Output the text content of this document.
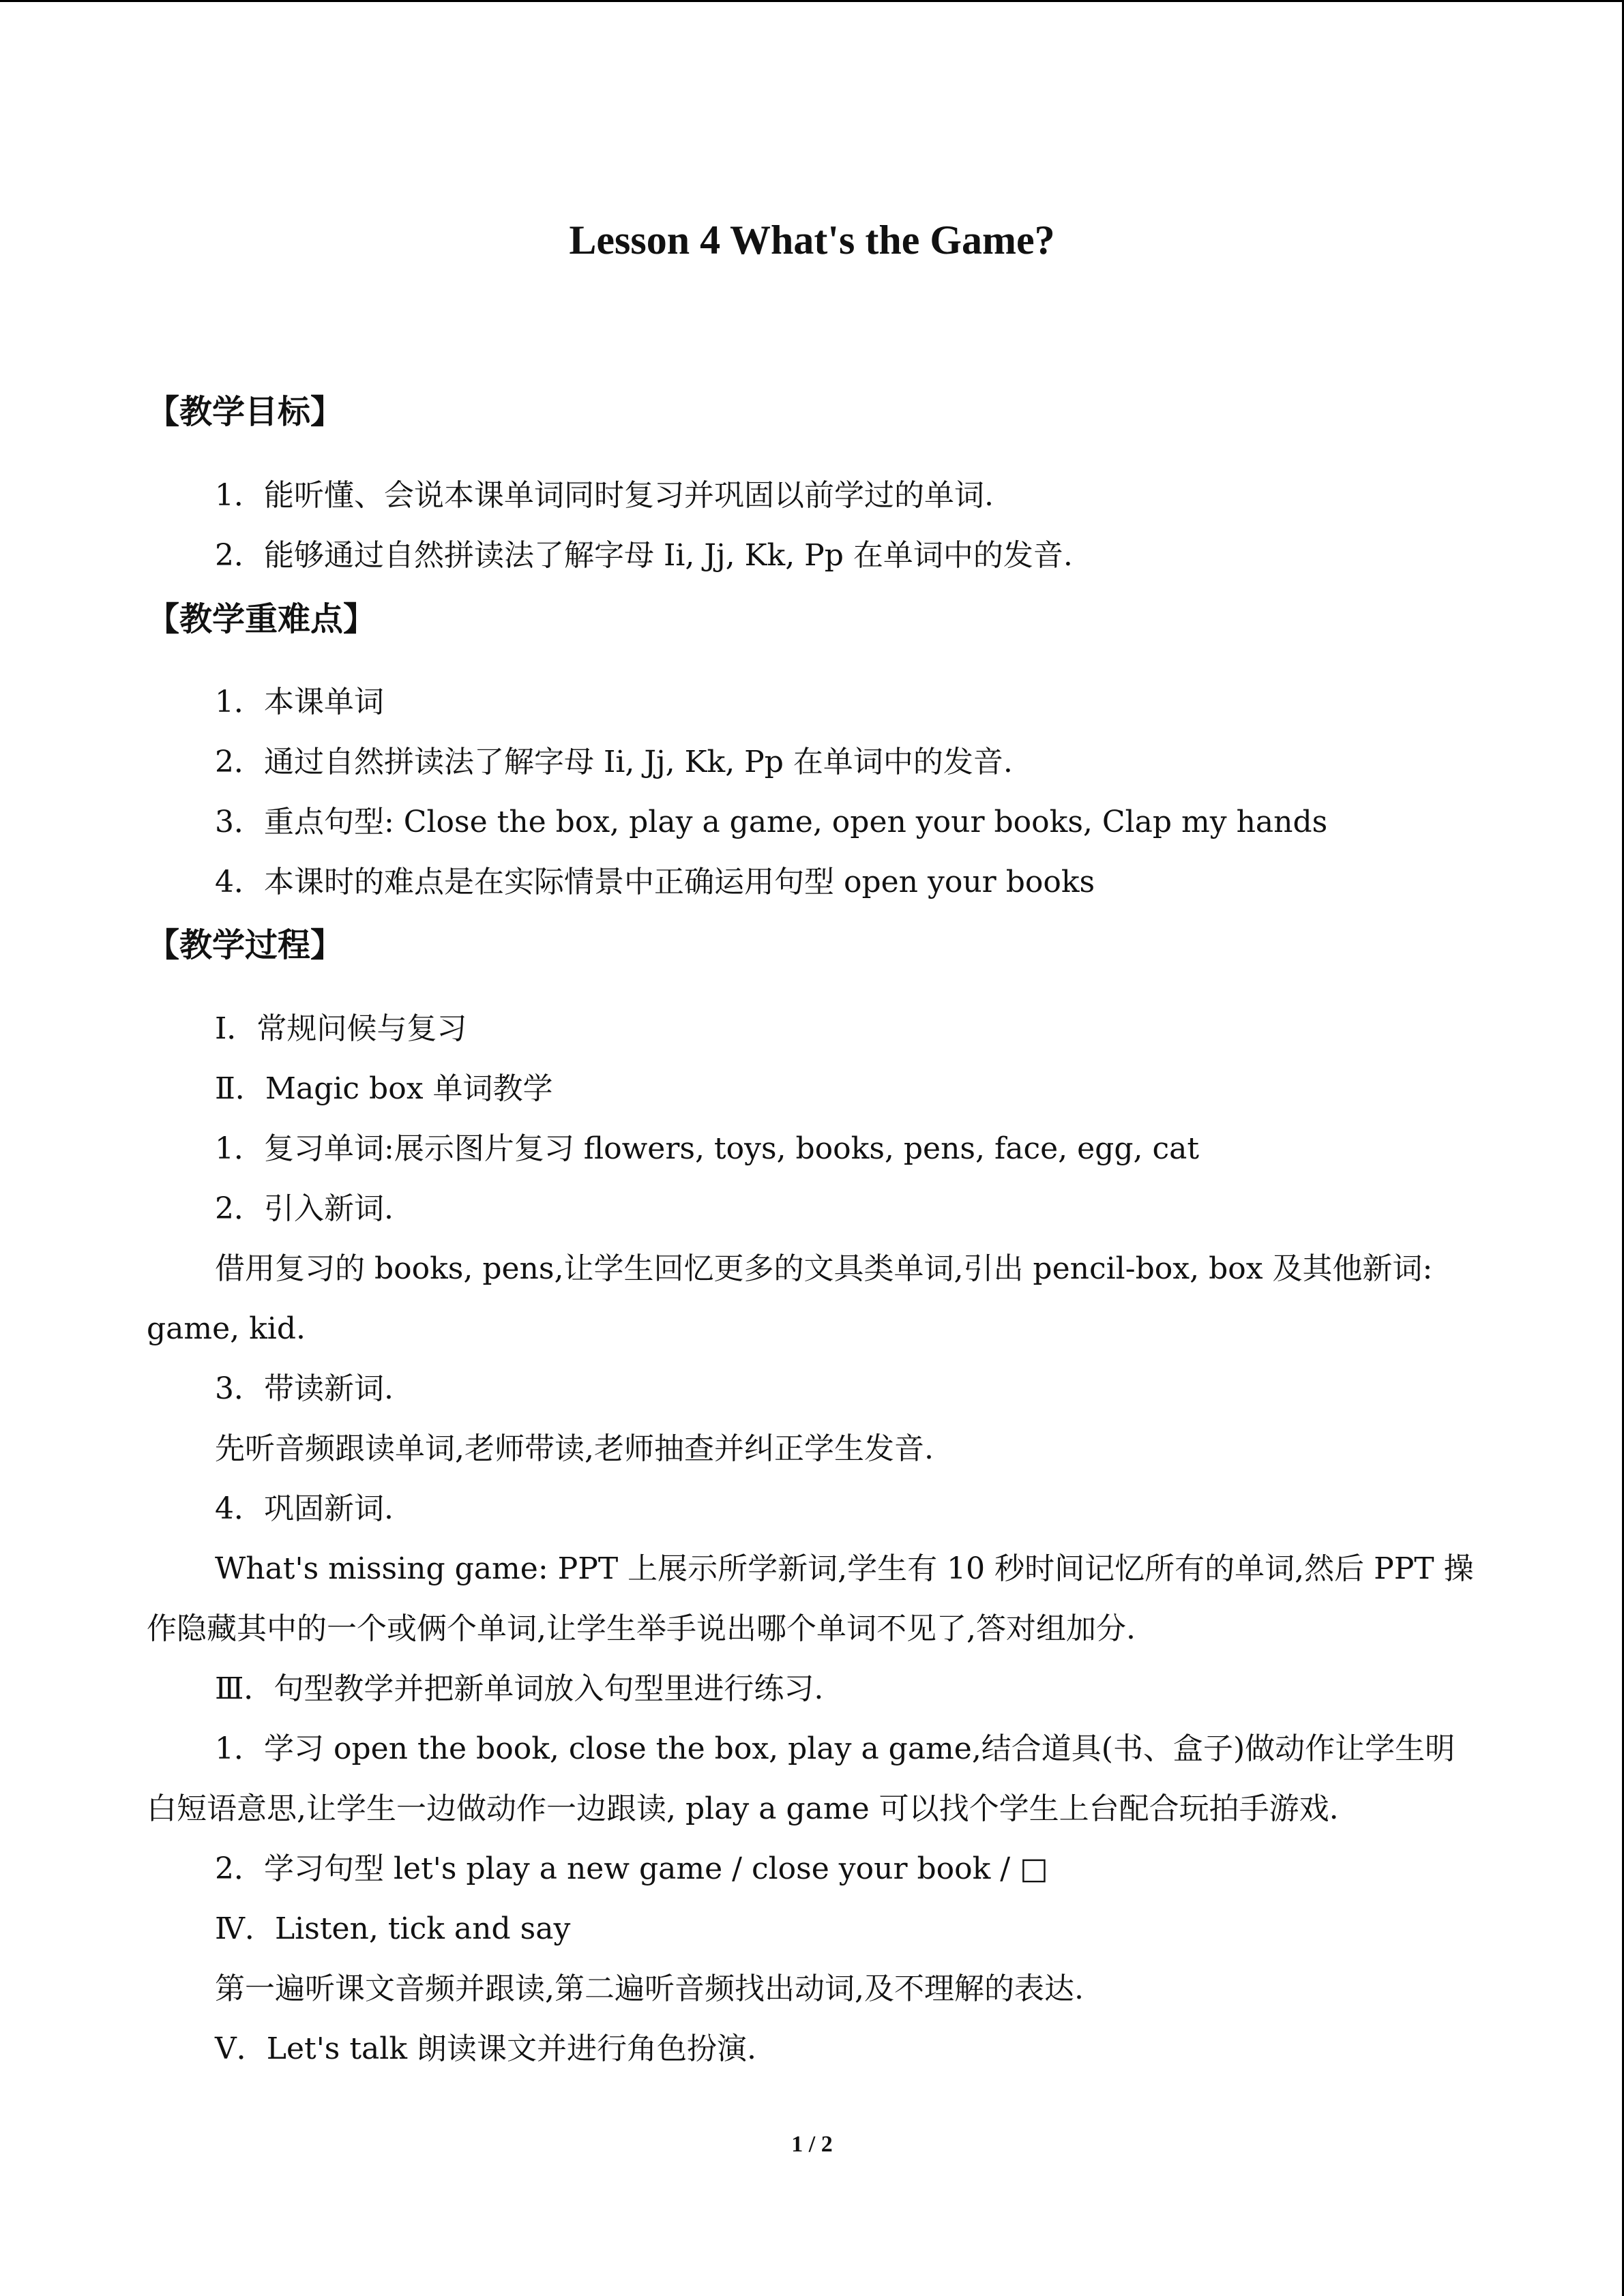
Lesson 4 What's the Game?
【教学目标】
1．能听懂、会说本课单词同时复习并巩固以前学过的单词.
2．能够通过自然拼读法了解字母 Ii, Jj, Kk, Pp 在单词中的发音.
【教学重难点】
1．本课单词
2．通过自然拼读法了解字母 Ii, Jj, Kk, Pp 在单词中的发音.
3．重点句型: Close the box, play a game, open your books, Clap my hands
4．本课时的难点是在实际情景中正确运用句型 open your books
【教学过程】
Ⅰ．常规问候与复习
Ⅱ．Magic box 单词教学
1．复习单词:展示图片复习 flowers, toys, books, pens, face, egg, cat
2．引入新词.
借用复习的 books, pens,让学生回忆更多的文具类单词,引出 pencil-box, box 及其他新词: game, kid.
3．带读新词.
先听音频跟读单词,老师带读,老师抽查并纠正学生发音.
4．巩固新词.
What's missing game: PPT 上展示所学新词,学生有 10 秒时间记忆所有的单词,然后 PPT 操作隐藏其中的一个或俩个单词,让学生举手说出哪个单词不见了,答对组加分.
Ⅲ．句型教学并把新单词放入句型里进行练习.
1．学习 open the book, close the box, play a game,结合道具(书、盒子)做动作让学生明白短语意思,让学生一边做动作一边跟读, play a game 可以找个学生上台配合玩拍手游戏.
2．学习句型 let's play a new game / close your book / □
Ⅳ．Listen, tick and say
第一遍听课文音频并跟读,第二遍听音频找出动词,及不理解的表达.
Ⅴ．Let's talk 朗读课文并进行角色扮演.
1 / 2
